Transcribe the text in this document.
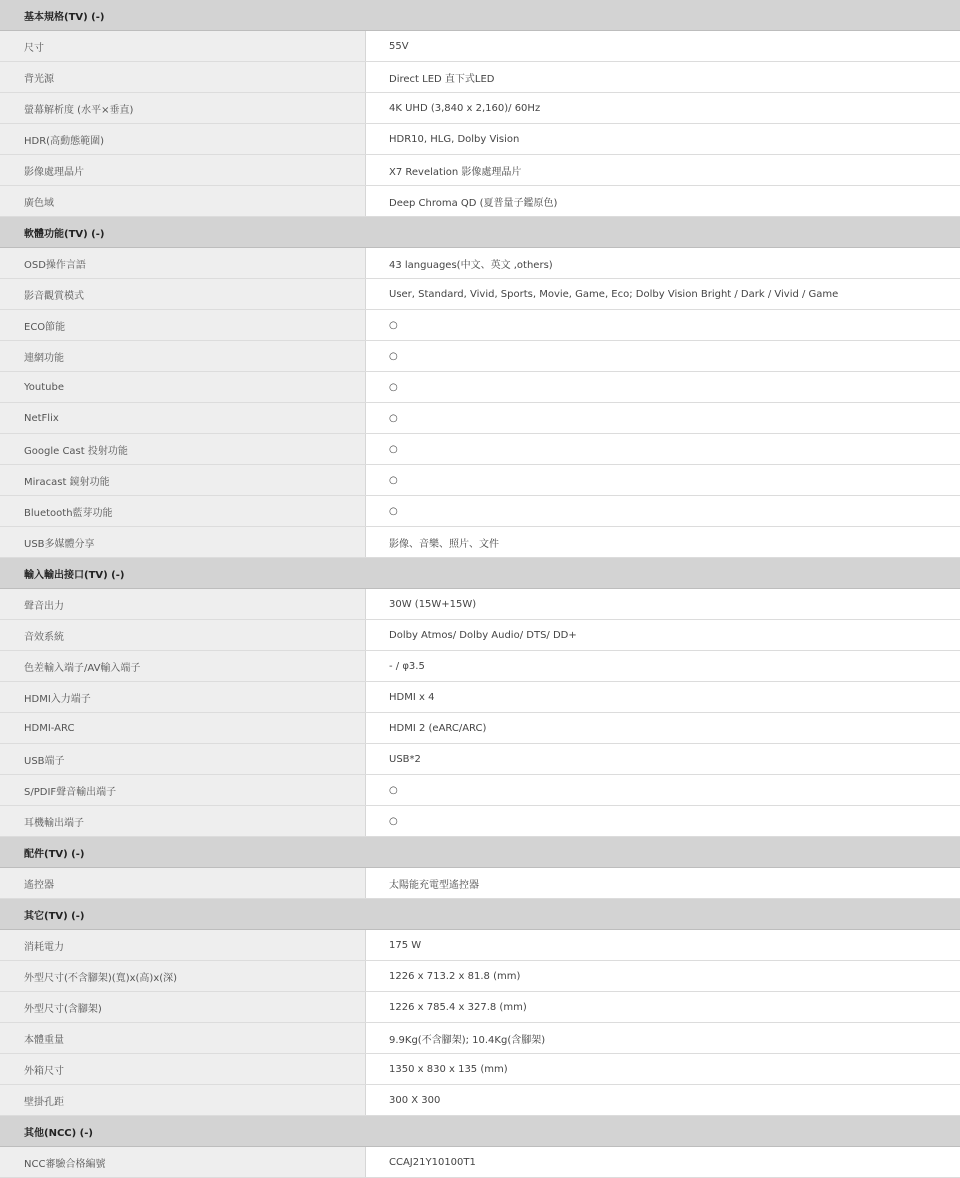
基本規格(TV) (-)
尺寸	55V
背光源	Direct LED 直下式LED
螢幕解析度 (水平×垂直)	4K UHD (3,840 x 2,160)/ 60Hz
HDR(高動態範圍)	HDR10, HLG, Dolby Vision
影像處理晶片	X7 Revelation 影像處理晶片
廣色域	Deep Chroma QD (夏普量子鑑原色)
軟體功能(TV) (-)
OSD操作言語	43 languages(中文、英文 ,others)
影音觀賞模式	User, Standard, Vivid, Sports, Movie, Game, Eco; Dolby Vision Bright / Dark / Vivid / Game
ECO節能	○
連網功能	○
Youtube	○
NetFlix	○
Google Cast 投射功能	○
Miracast 鏡射功能	○
Bluetooth藍芽功能	○
USB多媒體分享	影像、音樂、照片、文件
輸入輸出接口(TV) (-)
聲音出力	30W (15W+15W)
音效系統	Dolby Atmos/ Dolby Audio/ DTS/ DD+
色差輸入端子/AV輸入端子	- / φ3.5
HDMI入力端子	HDMI x 4
HDMI-ARC	HDMI 2 (eARC/ARC)
USB端子	USB*2
S/PDIF聲音輸出端子	○
耳機輸出端子	○
配件(TV) (-)
遙控器	太陽能充電型遙控器
其它(TV) (-)
消耗電力	175 W
外型尺寸(不含腳架)(寬)x(高)x(深)	1226 x 713.2 x 81.8 (mm)
外型尺寸(含腳架)	1226 x 785.4 x 327.8 (mm)
本體重量	9.9Kg(不含腳架); 10.4Kg(含腳架)
外箱尺寸	1350 x 830 x 135 (mm)
壁掛孔距	300 X 300
其他(NCC) (-)
NCC審驗合格編號	CCAJ21Y10100T1
